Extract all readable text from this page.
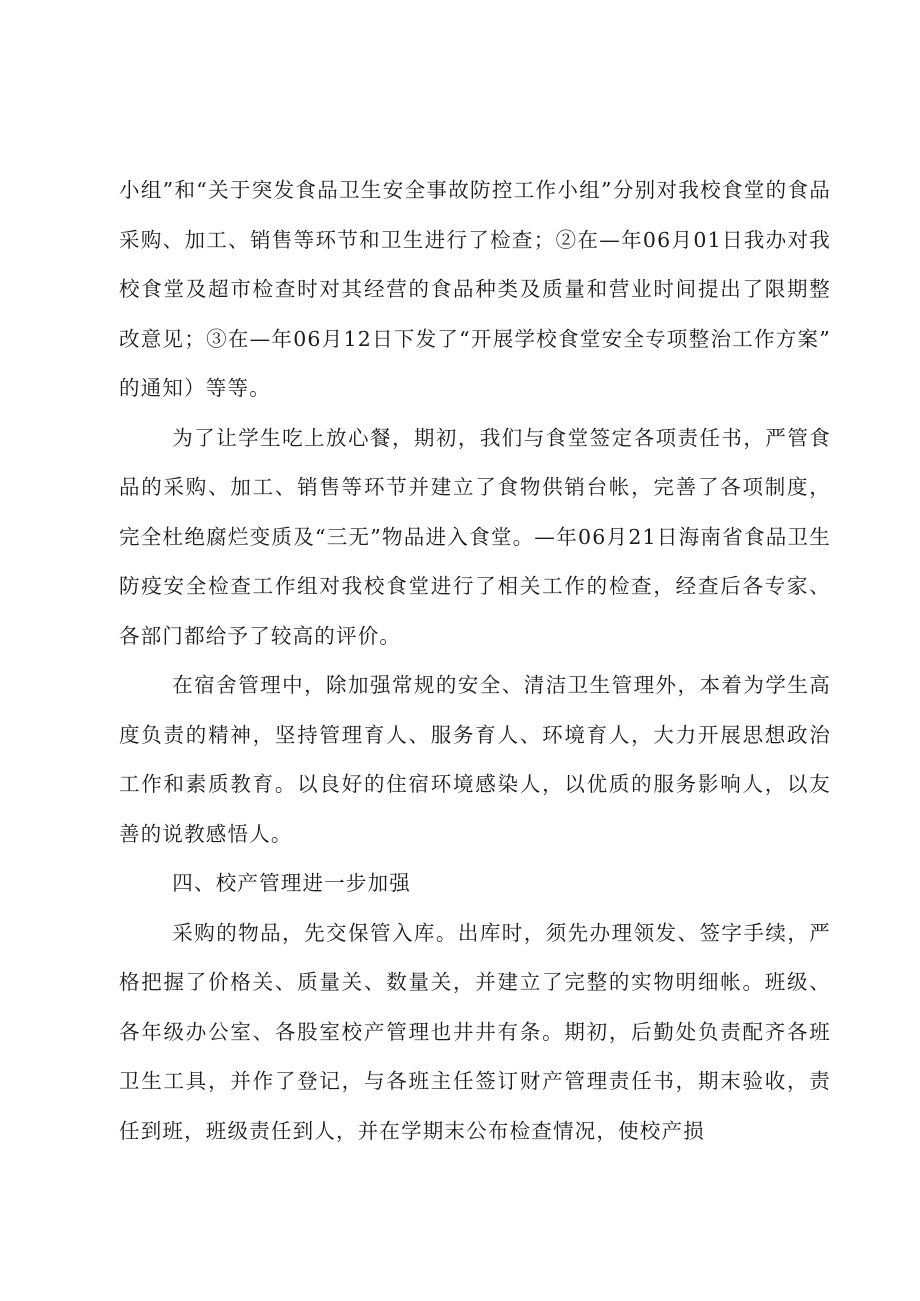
小组”和“关于突发食品卫生安全事故防控工作小组”分别对我校食堂的食品采购、加工、销售等环节和卫生进行了检查；②在—年06月01日我办对我校食堂及超市检查时对其经营的食品种类及质量和营业时间提出了限期整改意见；③在—年06月12日下发了“开展学校食堂安全专项整治工作方案”的通知）等等。

为了让学生吃上放心餐，期初，我们与食堂签定各项责任书，严管食品的采购、加工、销售等环节并建立了食物供销台帐，完善了各项制度，完全杜绝腐烂变质及“三无”物品进入食堂。—年06月21日海南省食品卫生防疫安全检查工作组对我校食堂进行了相关工作的检查，经查后各专家、各部门都给予了较高的评价。

在宿舍管理中，除加强常规的安全、清洁卫生管理外，本着为学生高度负责的精神，坚持管理育人、服务育人、环境育人，大力开展思想政治工作和素质教育。以良好的住宿环境感染人，以优质的服务影响人，以友善的说教感悟人。

四、校产管理进一步加强

采购的物品，先交保管入库。出库时，须先办理领发、签字手续，严格把握了价格关、质量关、数量关，并建立了完整的实物明细帐。班级、各年级办公室、各股室校产管理也井井有条。期初，后勤处负责配齐各班卫生工具，并作了登记，与各班主任签订财产管理责任书，期末验收，责任到班，班级责任到人，并在学期末公布检查情况，使校产损
